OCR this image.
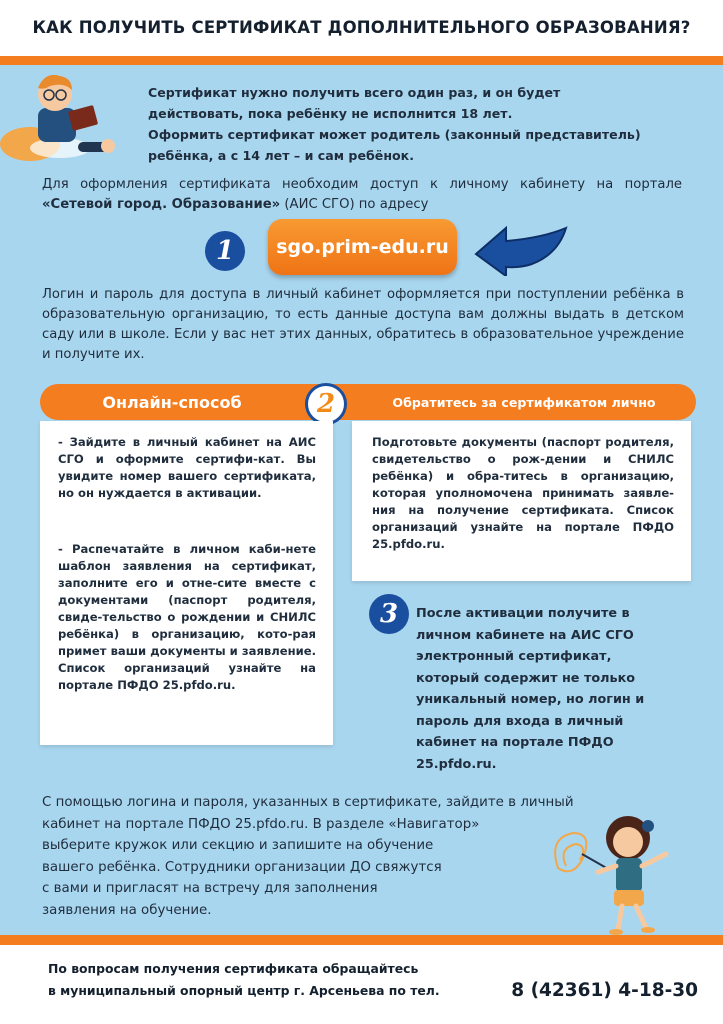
КАК ПОЛУЧИТЬ СЕРТИФИКАТ ДОПОЛНИТЕЛЬНОГО ОБРАЗОВАНИЯ?
Сертификат нужно получить всего один раз, и он будет
действовать, пока ребёнку не исполнится 18 лет.
Оформить сертификат может родитель (законный представитель)
ребёнка, а с 14 лет – и сам ребёнок.
Для оформления сертификата необходим доступ к личному кабинету на портале «Сетевой город. Образование» (АИС СГО) по адресу
1	sgo.prim-edu.ru
Логин и пароль для доступа в личный кабинет оформляется при поступлении ребёнка в образовательную организацию, то есть данные доступа вам должны выдать в детском саду или в школе. Если у вас нет этих данных, обратитесь в образовательное учреждение и получите их.
Онлайн-способ	Обратитесь за сертификатом лично
2
- Зайдите в личный кабинет на АИС СГО и оформите сертифи-кат. Вы увидите номер вашего сертификата, но он нуждается в активации.
- Распечатайте в личном каби-нете шаблон заявления на сертификат, заполните его и отне-сите вместе с документами (паспорт родителя, свиде-тельство о рождении и СНИЛС ребёнка) в организацию, кото-рая примет ваши документы и заявление. Список организаций узнайте на портале ПФДО 25.pfdo.ru.
Подготовьте документы (паспорт родителя, свидетельство о рож-дении и СНИЛС ребёнка) и обра-титесь в организацию, которая уполномочена принимать заявле-ния на получение сертификата. Список организаций узнайте на портале ПФДО 25.pfdo.ru.
3	После активации получите в
личном кабинете на АИС СГО
электронный сертификат,
который содержит не только
уникальный номер, но логин и
пароль для входа в личный
кабинет на портале ПФДО
25.pfdo.ru.
С помощью логина и пароля, указанных в сертификате, зайдите в личный
кабинет на портале ПФДО 25.pfdo.ru. В разделе «Навигатор»
выберите кружок или секцию и запишите на обучение
вашего ребёнка. Сотрудники организации ДО свяжутся
с вами и пригласят на встречу для заполнения
заявления на обучение.
По вопросам получения сертификата обращайтесь
в муниципальный опорный центр г. Арсеньева по тел.	8 (42361) 4-18-30
